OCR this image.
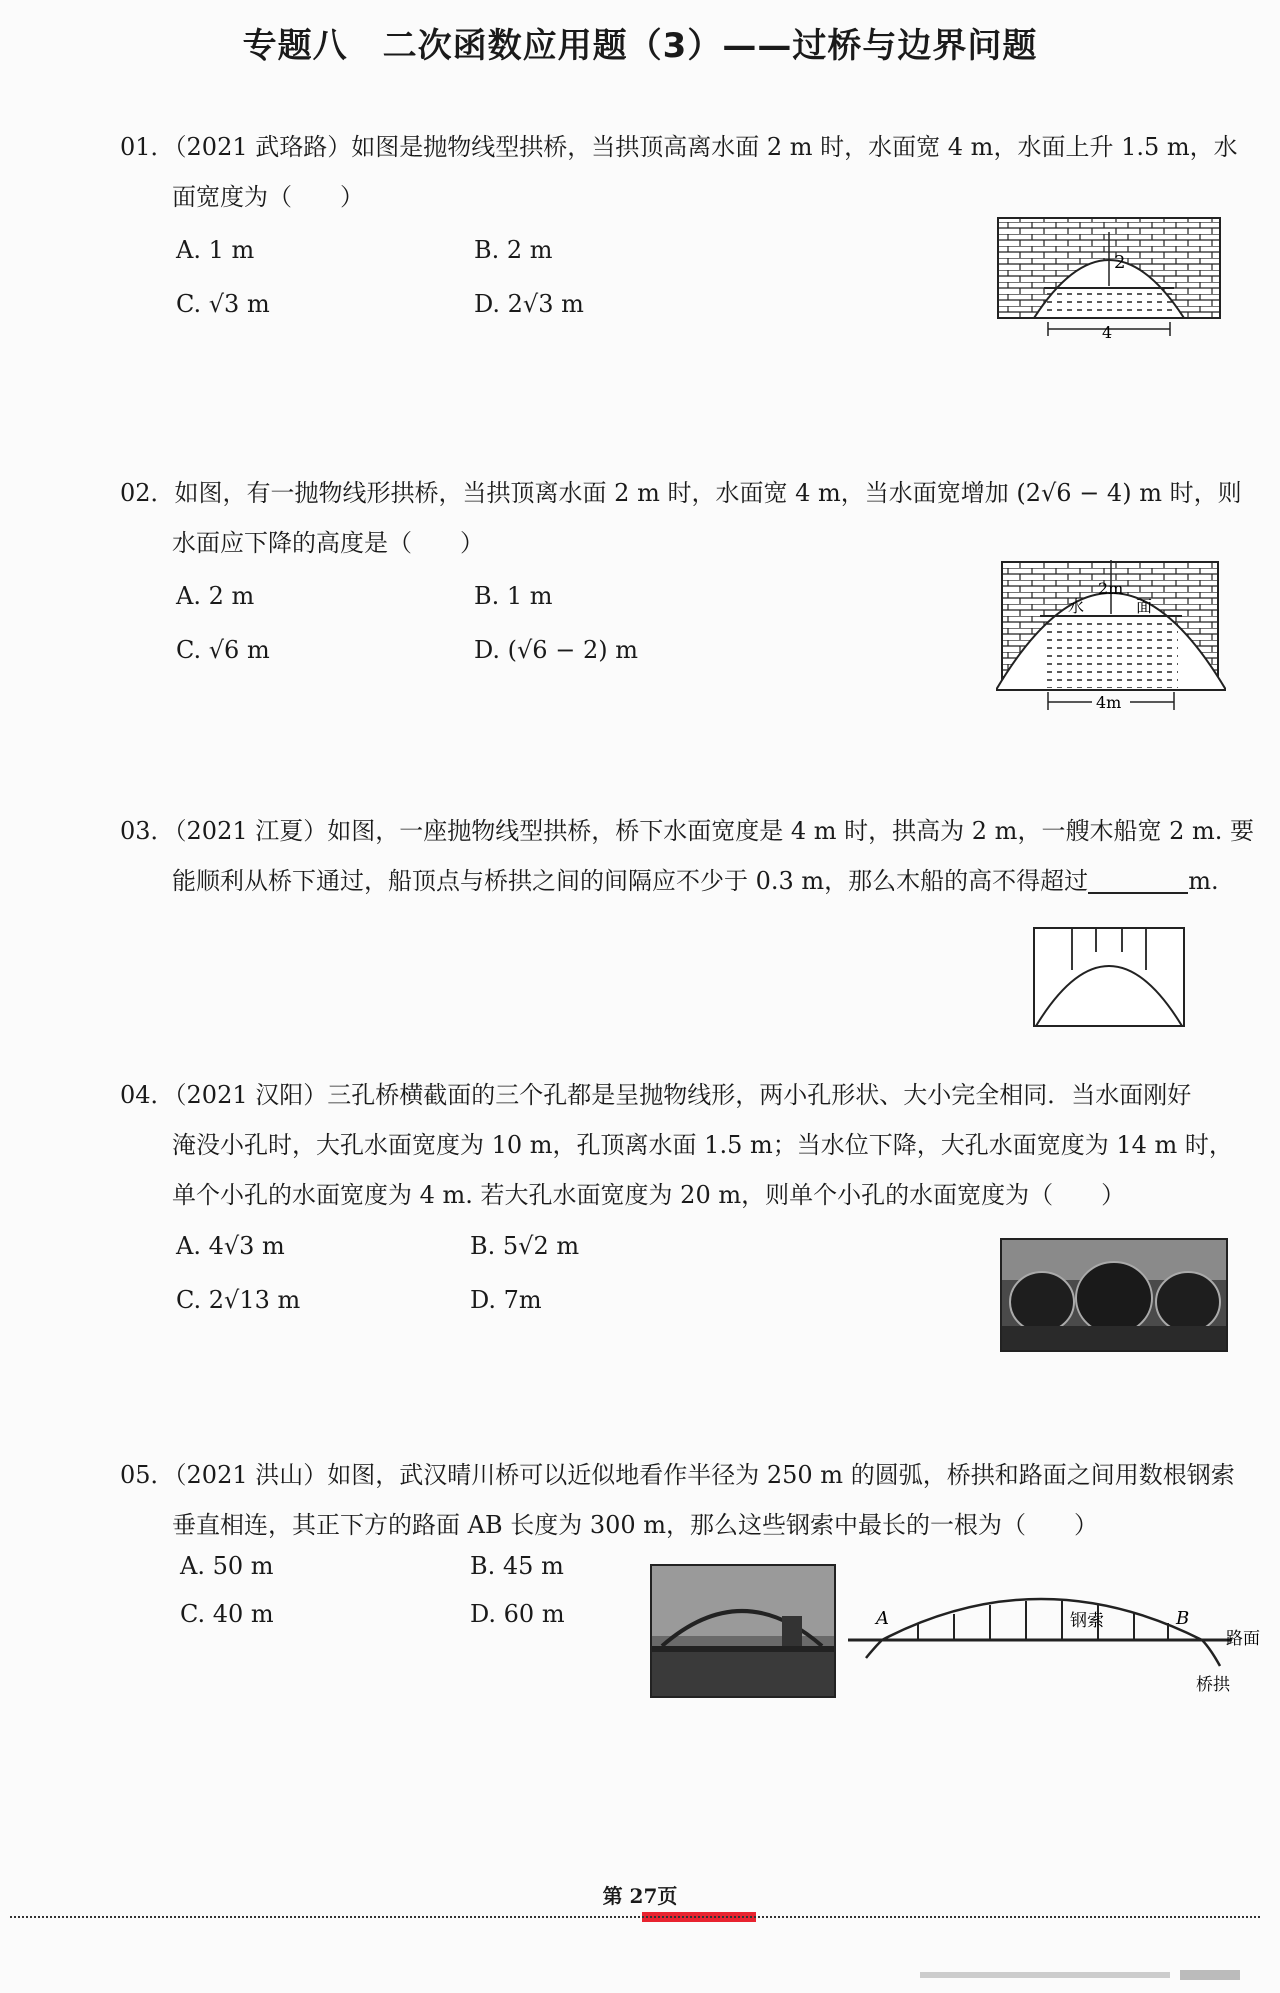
专题八　二次函数应用题（3）——过桥与边界问题
01．（2021 武珞路）如图是抛物线型拱桥，当拱顶高离水面 2 m 时，水面宽 4 m，水面上升 1.5 m，水
面宽度为（　　）
A. 1 m	B. 2 m
C. √3 m	D. 2√3 m
2
4
02．如图，有一抛物线形拱桥，当拱顶离水面 2 m 时，水面宽 4 m，当水面宽增加 (2√6 − 4) m 时，则
水面应下降的高度是（　　）
A. 2 m	B. 1 m
C. √6 m	D. (√6 − 2) m
2m
水	面
4m
03．（2021 江夏）如图，一座抛物线型拱桥，桥下水面宽度是 4 m 时，拱高为 2 m，一艘木船宽 2 m. 要
能顺利从桥下通过，船顶点与桥拱之间的间隔应不少于 0.3 m，那么木船的高不得超过	m.
04．（2021 汉阳）三孔桥横截面的三个孔都是呈抛物线形，两小孔形状、大小完全相同．当水面刚好
淹没小孔时，大孔水面宽度为 10 m，孔顶离水面 1.5 m；当水位下降，大孔水面宽度为 14 m 时，
单个小孔的水面宽度为 4 m. 若大孔水面宽度为 20 m，则单个小孔的水面宽度为（　　）
A. 4√3 m	B. 5√2 m
C. 2√13 m	D. 7m
05．（2021 洪山）如图，武汉晴川桥可以近似地看作半径为 250 m 的圆弧，桥拱和路面之间用数根钢索
垂直相连，其正下方的路面 AB 长度为 300 m，那么这些钢索中最长的一根为（　　）
A. 50 m	B. 45 m
C. 40 m	D. 60 m	A	钢索	B
路面
桥拱
第 27页
